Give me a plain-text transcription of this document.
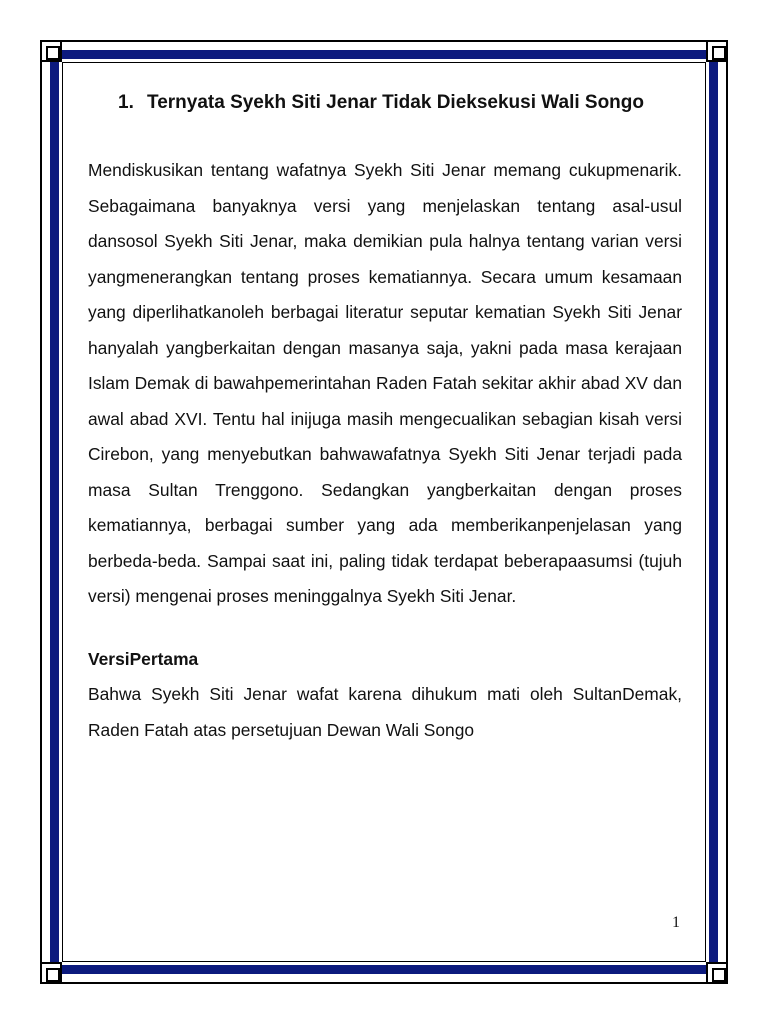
1. Ternyata Syekh Siti Jenar Tidak Dieksekusi Wali Songo

Mendiskusikan tentang wafatnya Syekh Siti Jenar memang cukupmenarik. Sebagaimana banyaknya versi yang menjelaskan tentang asal-usul dansosol Syekh Siti Jenar, maka demikian pula halnya tentang varian versi yangmenerangkan tentang proses kematiannya. Secara umum kesamaan yang diperlihatkanoleh berbagai literatur seputar kematian Syekh Siti Jenar hanyalah yangberkaitan dengan masanya saja, yakni pada masa kerajaan Islam Demak di bawahpemerintahan Raden Fatah sekitar akhir abad XV dan awal abad XVI. Tentu hal inijuga masih mengecualikan sebagian kisah versi Cirebon, yang menyebutkan bahwawafatnya Syekh Siti Jenar terjadi pada masa Sultan Trenggono. Sedangkan yangberkaitan dengan proses kematiannya, berbagai sumber yang ada memberikanpenjelasan yang berbeda-beda. Sampai saat ini, paling tidak terdapat beberapaasumsi (tujuh versi) mengenai proses meninggalnya Syekh Siti Jenar.

VersiPertama

Bahwa Syekh Siti Jenar wafat karena dihukum mati oleh SultanDemak, Raden Fatah atas persetujuan Dewan Wali Songo

1
